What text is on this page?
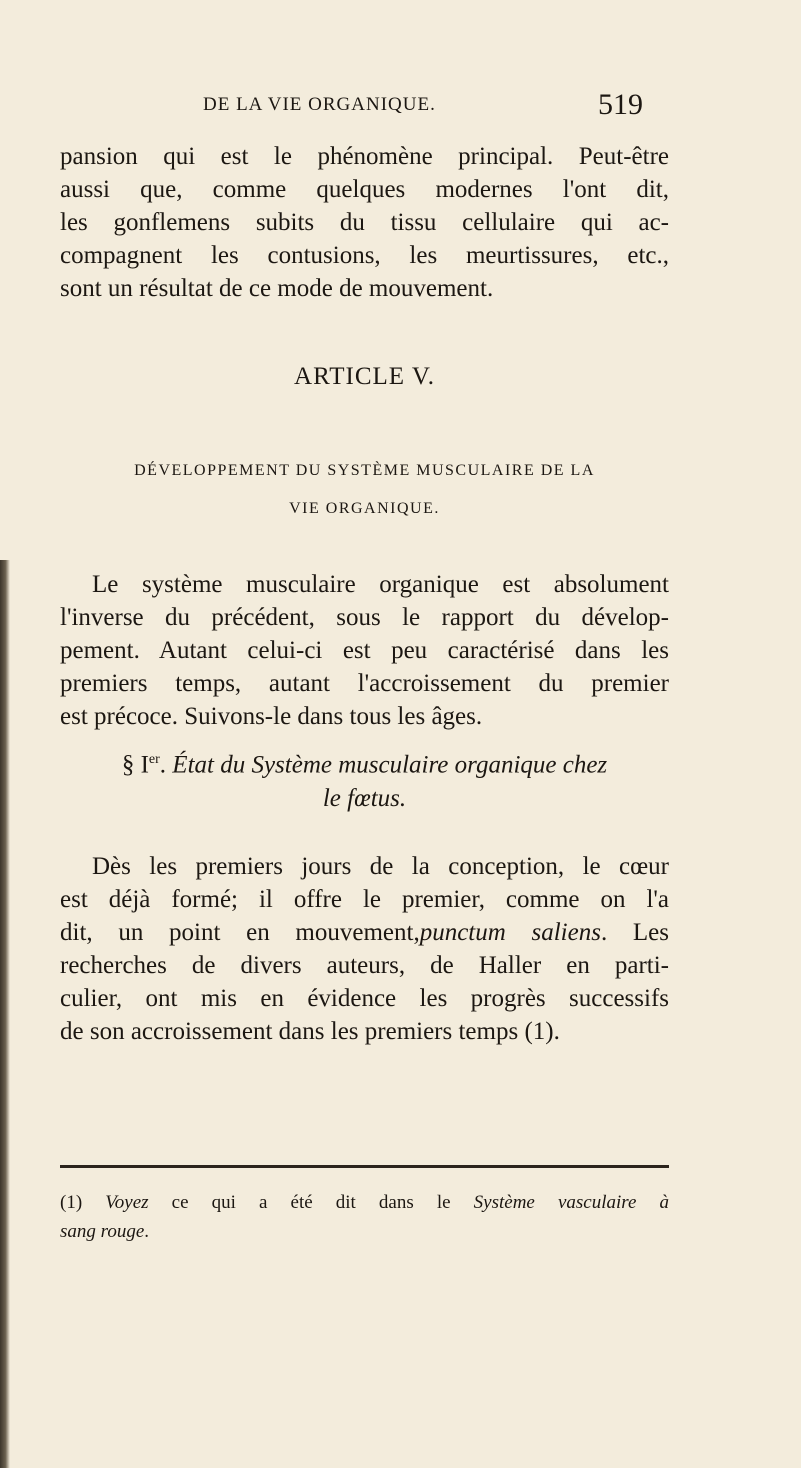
DE LA VIE ORGANIQUE.	519
pansion qui est le phénomène principal. Peut-être
aussi que, comme quelques modernes l'ont dit,
les gonflemens subits du tissu cellulaire qui ac-
compagnent les contusions, les meurtissures, etc.,
sont un résultat de ce mode de mouvement.
ARTICLE V.
DÉVELOPPEMENT DU SYSTÈME MUSCULAIRE DE LA
VIE ORGANIQUE.
Le système musculaire organique est absolument
l'inverse du précédent, sous le rapport du dévelop-
pement. Autant celui-ci est peu caractérisé dans les
premiers temps, autant l'accroissement du premier
est précoce. Suivons-le dans tous les âges.
§ Ier. État du Système musculaire organique chez
le fœtus.
Dès les premiers jours de la conception, le cœur
est déjà formé; il offre le premier, comme on l'a
dit, un point en mouvement,punctum saliens. Les
recherches de divers auteurs, de Haller en parti-
culier, ont mis en évidence les progrès successifs
de son accroissement dans les premiers temps (1).
(1) Voyez ce qui a été dit dans le Système vasculaire à
sang rouge.
